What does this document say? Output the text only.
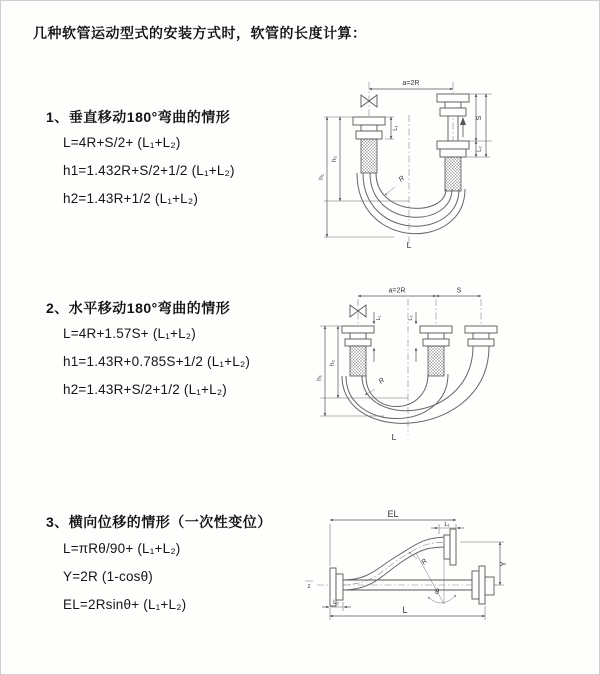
几种软管运动型式的安装方式时，软管的长度计算：
1、垂直移动180°弯曲的情形
L=4R+S/2+ (L₁+L₂)
h1=1.432R+S/2+1/2 (L₁+L₂)
h2=1.43R+1/2 (L₁+L₂)
2、水平移动180°弯曲的情形
L=4R+1.57S+ (L₁+L₂)
h1=1.43R+0.785S+1/2 (L₁+L₂)
h2=1.43R+S/2+1/2 (L₁+L₂)
3、横向位移的情形（一次性变位）
L=πRθ/90+ (L₁+L₂)
Y=2R (1-cosθ)
EL=2Rsinθ+ (L₁+L₂)
a=2R
L₁
S
L₂
h₂
h₁	R
L
a=2R	S
L₁	L₂
h₂
h₁	R
L
z
θ
EL
L₁
Y
R
L₂
L
